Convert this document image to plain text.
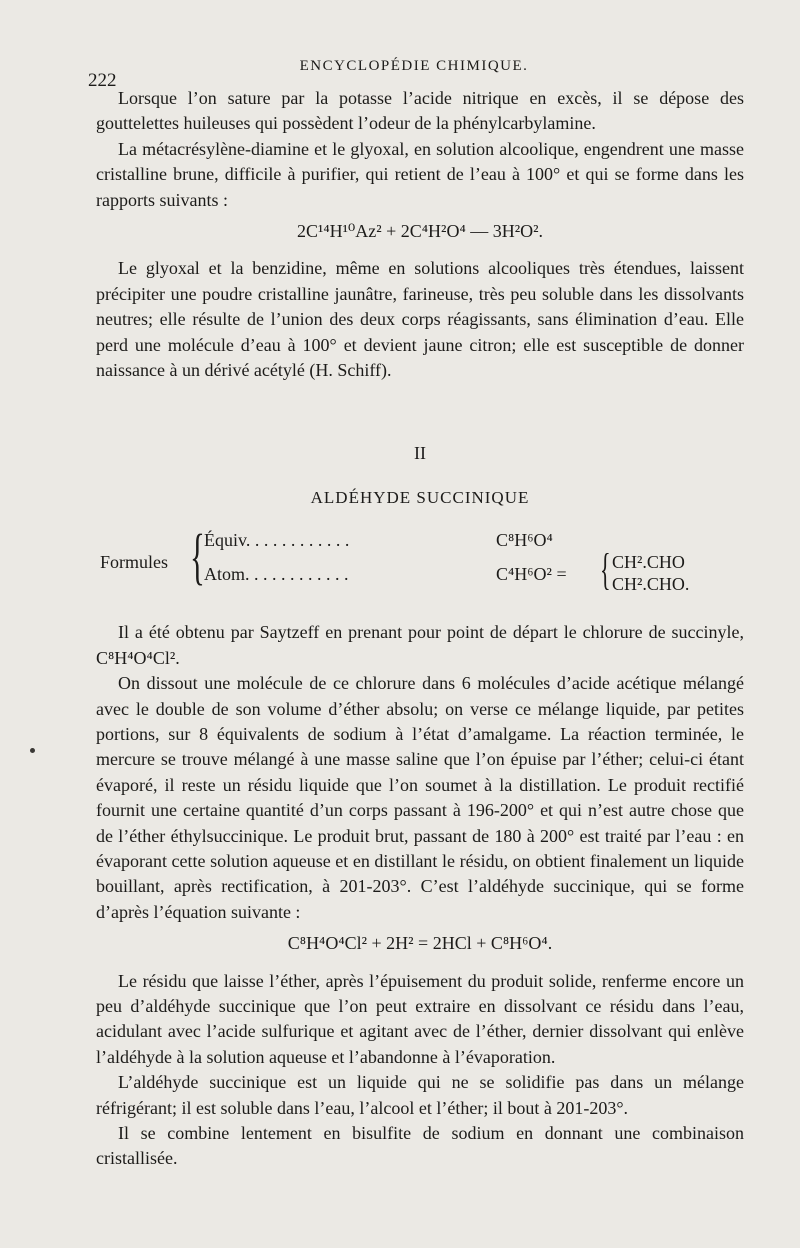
222
ENCYCLOPÉDIE CHIMIQUE.

Lorsque l’on sature par la potasse l’acide nitrique en excès, il se dépose des gouttelettes huileuses qui possèdent l’odeur de la phénylcarbylamine.

La métacrésylène-diamine et le glyoxal, en solution alcoolique, engendrent une masse cristalline brune, difficile à purifier, qui retient de l’eau à 100° et qui se forme dans les rapports suivants :

2C¹⁴H¹⁰Az² + 2C⁴H²O⁴ — 3H²O².

Le glyoxal et la benzidine, même en solutions alcooliques très étendues, laissent précipiter une poudre cristalline jaunâtre, farineuse, très peu soluble dans les dissolvants neutres; elle résulte de l’union des deux corps réagissants, sans élimination d’eau. Elle perd une molécule d’eau à 100° et devient jaune citron; elle est susceptible de donner naissance à un dérivé acétylé (H. Schiff).

II

ALDÉHYDE SUCCINIQUE

Formules { Équiv. . . . . . . . . . . .	C⁸H⁶O⁴
Atom. . . . . . . . . . . .	C⁴H⁶O² = { CH².CHO
CH².CHO.

Il a été obtenu par Saytzeff en prenant pour point de départ le chlorure de succinyle, C⁸H⁴O⁴Cl².

On dissout une molécule de ce chlorure dans 6 molécules d’acide acétique mélangé avec le double de son volume d’éther absolu; on verse ce mélange liquide, par petites portions, sur 8 équivalents de sodium à l’état d’amalgame. La réaction terminée, le mercure se trouve mélangé à une masse saline que l’on épuise par l’éther; celui-ci étant évaporé, il reste un résidu liquide que l’on soumet à la distillation. Le produit rectifié fournit une certaine quantité d’un corps passant à 196-200° et qui n’est autre chose que de l’éther éthylsuccinique. Le produit brut, passant de 180 à 200° est traité par l’eau : en évaporant cette solution aqueuse et en distillant le résidu, on obtient finalement un liquide bouillant, après rectification, à 201-203°. C’est l’aldéhyde succinique, qui se forme d’après l’équation suivante :

C⁸H⁴O⁴Cl² + 2H² = 2HCl + C⁸H⁶O⁴.

Le résidu que laisse l’éther, après l’épuisement du produit solide, renferme encore un peu d’aldéhyde succinique que l’on peut extraire en dissolvant ce résidu dans l’eau, acidulant avec l’acide sulfurique et agitant avec de l’éther, dernier dissolvant qui enlève l’aldéhyde à la solution aqueuse et l’abandonne à l’évaporation.

L’aldéhyde succinique est un liquide qui ne se solidifie pas dans un mélange réfrigérant; il est soluble dans l’eau, l’alcool et l’éther; il bout à 201-203°.

Il se combine lentement en bisulfite de sodium en donnant une combinaison cristallisée.
